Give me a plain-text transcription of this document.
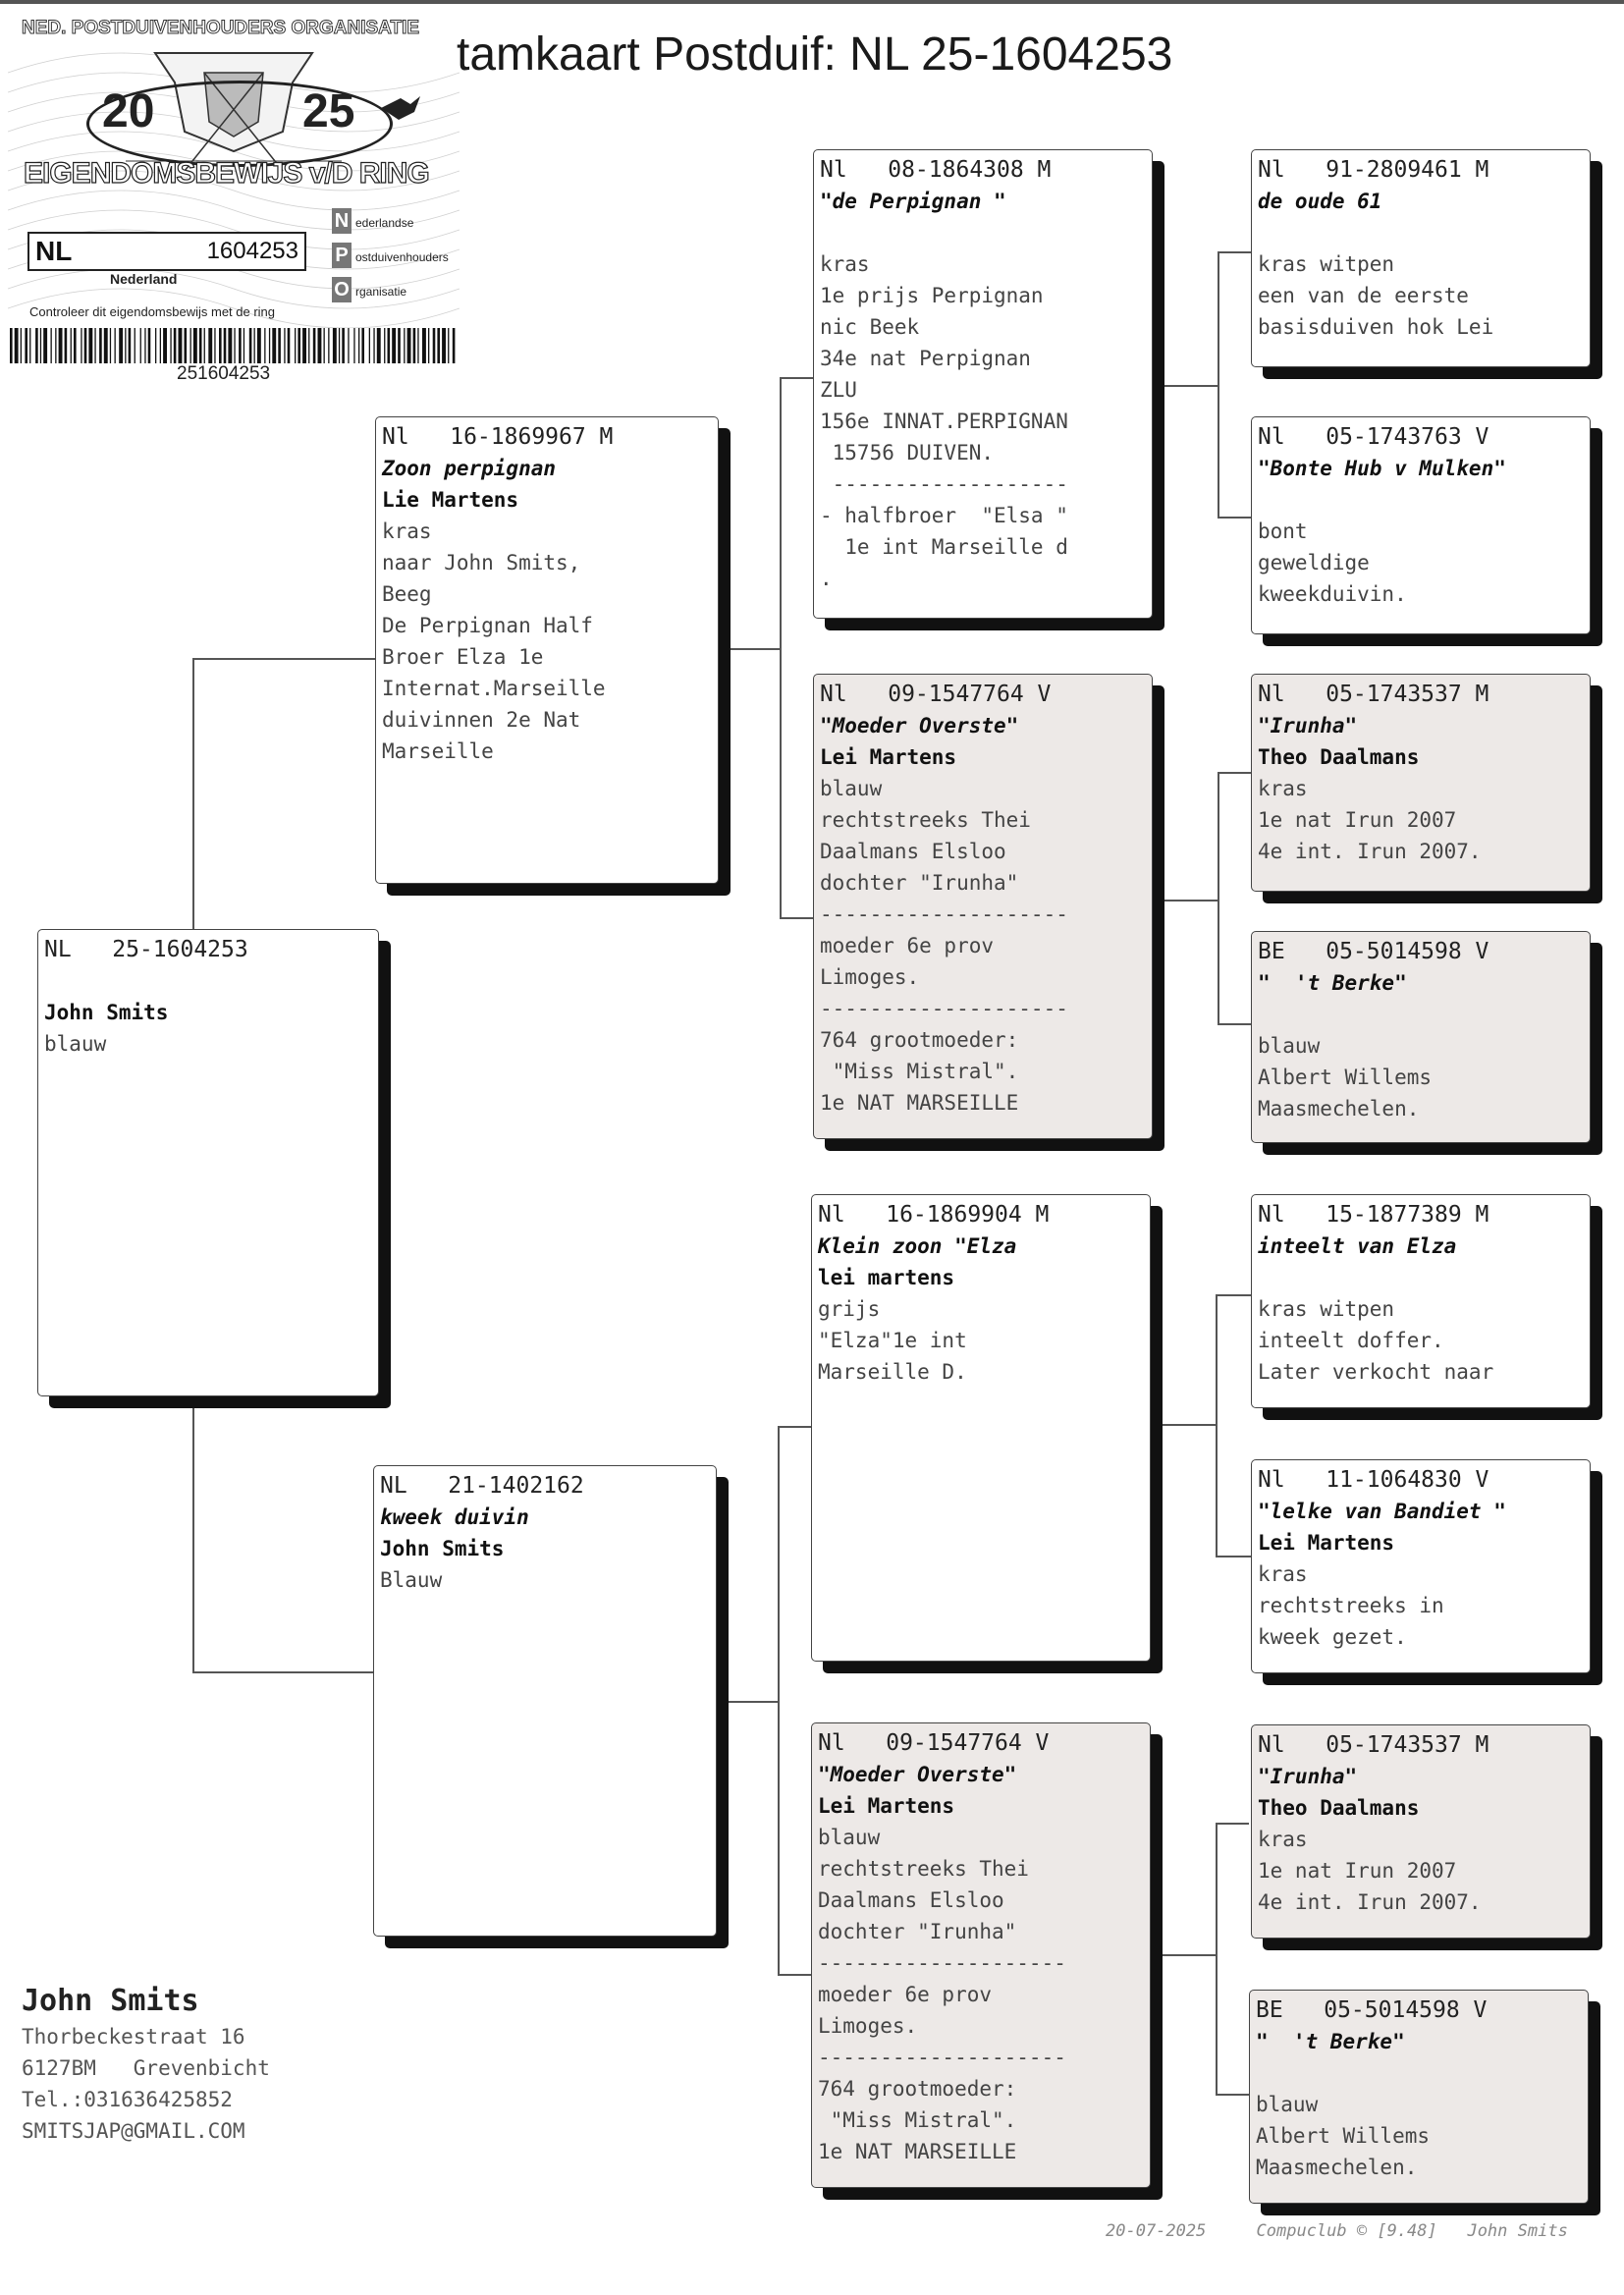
NED. POSTDUIVENHOUDERS ORGANISATIE
20	25
EIGENDOMSBEWIJS v/D RING
NL	1604253
Nederland
N ederlandse
P ostduivenhouders
O rganisatie
Controleer dit eigendomsbewijs met de ring
251604253
tamkaart Postduif: NL 25-1604253
NL   25-1604253
John Smits
blauw
Nl   16-1869967 M
Zoon perpignan
Lie Martens
kras
naar John Smits,
Beeg
De Perpignan Half
Broer Elza 1e
Internat.Marseille
duivinnen 2e Nat
Marseille
NL   21-1402162
kweek duivin
John Smits
Blauw
Nl   08-1864308 M
"de Perpignan "
kras
1e prijs Perpignan
nic Beek
34e nat Perpignan
ZLU
156e INNAT.PERPIGNAN
15756 DUIVEN.
-------------------
- halfbroer  "Elsa "
1e int Marseille d
.
Nl   09-1547764 V
"Moeder Overste"
Lei Martens
blauw
rechtstreeks Thei
Daalmans Elsloo
dochter "Irunha"
--------------------
moeder 6e prov
Limoges.
--------------------
764 grootmoeder:
"Miss Mistral".
1e NAT MARSEILLE
Nl   16-1869904 M
Klein zoon "Elza
lei martens
grijs
"Elza"1e int
Marseille D.
Nl   09-1547764 V
"Moeder Overste"
Lei Martens
blauw
rechtstreeks Thei
Daalmans Elsloo
dochter "Irunha"
--------------------
moeder 6e prov
Limoges.
--------------------
764 grootmoeder:
"Miss Mistral".
1e NAT MARSEILLE
Nl   91-2809461 M
de oude 61
kras witpen
een van de eerste
basisduiven hok Lei
Nl   05-1743763 V
"Bonte Hub v Mulken"
bont
geweldige
kweekduivin.
Nl   05-1743537 M
"Irunha"
Theo Daalmans
kras
1e nat Irun 2007
4e int. Irun 2007.
BE   05-5014598 V
"  't Berke"
blauw
Albert Willems
Maasmechelen.
Nl   15-1877389 M
inteelt van Elza
kras witpen
inteelt doffer.
Later verkocht naar
Nl   11-1064830 V
"lelke van Bandiet "
Lei Martens
kras
rechtstreeks in
kweek gezet.
Nl   05-1743537 M
"Irunha"
Theo Daalmans
kras
1e nat Irun 2007
4e int. Irun 2007.
BE   05-5014598 V
"  't Berke"
blauw
Albert Willems
Maasmechelen.
John Smits
Thorbeckestraat 16
6127BM   Grevenbicht
Tel.:031636425852
SMITSJAP@GMAIL.COM
20-07-2025     Compuclub © [9.48]   John Smits
